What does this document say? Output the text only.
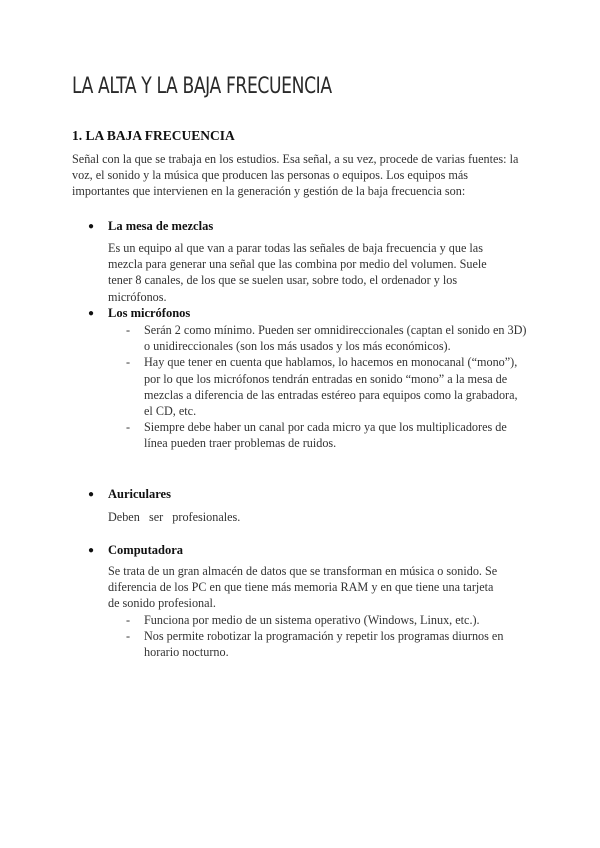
LA ALTA Y LA BAJA FRECUENCIA
1. LA BAJA FRECUENCIA
Señal con la que se trabaja en los estudios. Esa señal, a su vez, procede de varias fuentes: la voz, el sonido y la música que producen las personas o equipos. Los equipos más importantes que intervienen en la generación y gestión de la baja frecuencia son:
● La mesa de mezclas
Es un equipo al que van a parar todas las señales de baja frecuencia y que las mezcla para generar una señal que las combina por medio del volumen. Suele tener 8 canales, de los que se suelen usar, sobre todo, el ordenador y los micrófonos.
● Los micrófonos
- Serán 2 como mínimo. Pueden ser omnidireccionales (captan el sonido en 3D) o unidireccionales (son los más usados y los más económicos).
- Hay que tener en cuenta que hablamos, lo hacemos en monocanal (“mono”), por lo que los micrófonos tendrán entradas en sonido “mono” a la mesa de mezclas a diferencia de las entradas estéreo para equipos como la grabadora, el CD, etc.
- Siempre debe haber un canal por cada micro ya que los multiplicadores de línea pueden traer problemas de ruidos.
● Auriculares
Deben   ser   profesionales.
● Computadora
Se trata de un gran almacén de datos que se transforman en música o sonido. Se diferencia de los PC en que tiene más memoria RAM y en que tiene una tarjeta de sonido profesional.
- Funciona por medio de un sistema operativo (Windows, Linux, etc.).
- Nos permite robotizar la programación y repetir los programas diurnos en horario nocturno.
